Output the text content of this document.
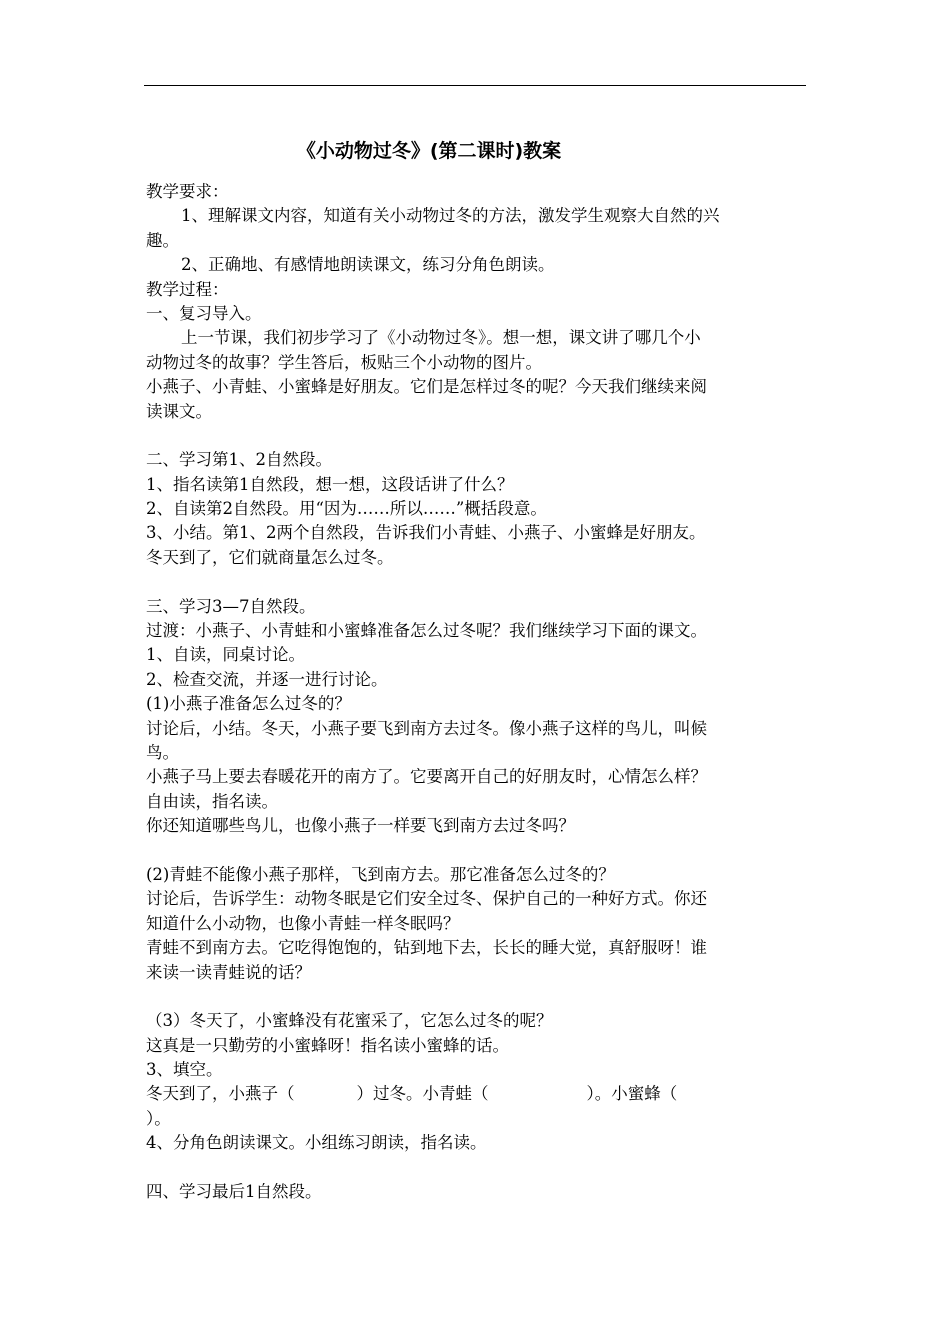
《小动物过冬》(第二课时)教案
教学要求：
1、理解课文内容，知道有关小动物过冬的方法，激发学生观察大自然的兴
趣。
2、正确地、有感情地朗读课文，练习分角色朗读。
教学过程：
一、复习导入。
上一节课，我们初步学习了《小动物过冬》。想一想，课文讲了哪几个小
动物过冬的故事？学生答后，板贴三个小动物的图片。
小燕子、小青蛙、小蜜蜂是好朋友。它们是怎样过冬的呢？今天我们继续来阅
读课文。
二、学习第1、2自然段。
1、指名读第1自然段，想一想，这段话讲了什么？
2、自读第2自然段。用“因为……所以……”概括段意。
3、小结。第1、2两个自然段，告诉我们小青蛙、小燕子、小蜜蜂是好朋友。
冬天到了，它们就商量怎么过冬。
三、学习3—7自然段。
过渡：小燕子、小青蛙和小蜜蜂准备怎么过冬呢？我们继续学习下面的课文。
1、自读，同桌讨论。
2、检查交流，并逐一进行讨论。
(1)小燕子准备怎么过冬的？
讨论后，小结。冬天，小燕子要飞到南方去过冬。像小燕子这样的鸟儿，叫候
鸟。
小燕子马上要去春暖花开的南方了。它要离开自己的好朋友时，心情怎么样？
自由读，指名读。
你还知道哪些鸟儿，也像小燕子一样要飞到南方去过冬吗？
(2)青蛙不能像小燕子那样，飞到南方去。那它准备怎么过冬的？
讨论后，告诉学生：动物冬眠是它们安全过冬、保护自己的一种好方式。你还
知道什么小动物，也像小青蛙一样冬眠吗？
青蛙不到南方去。它吃得饱饱的，钻到地下去，长长的睡大觉，真舒服呀！谁
来读一读青蛙说的话？
（3）冬天了，小蜜蜂没有花蜜采了，它怎么过冬的呢？
这真是一只勤劳的小蜜蜂呀！指名读小蜜蜂的话。
3、填空。
冬天到了，小燕子（	）过冬。小青蛙（	）。小蜜蜂（
）。
4、分角色朗读课文。小组练习朗读，指名读。
四、学习最后1自然段。
